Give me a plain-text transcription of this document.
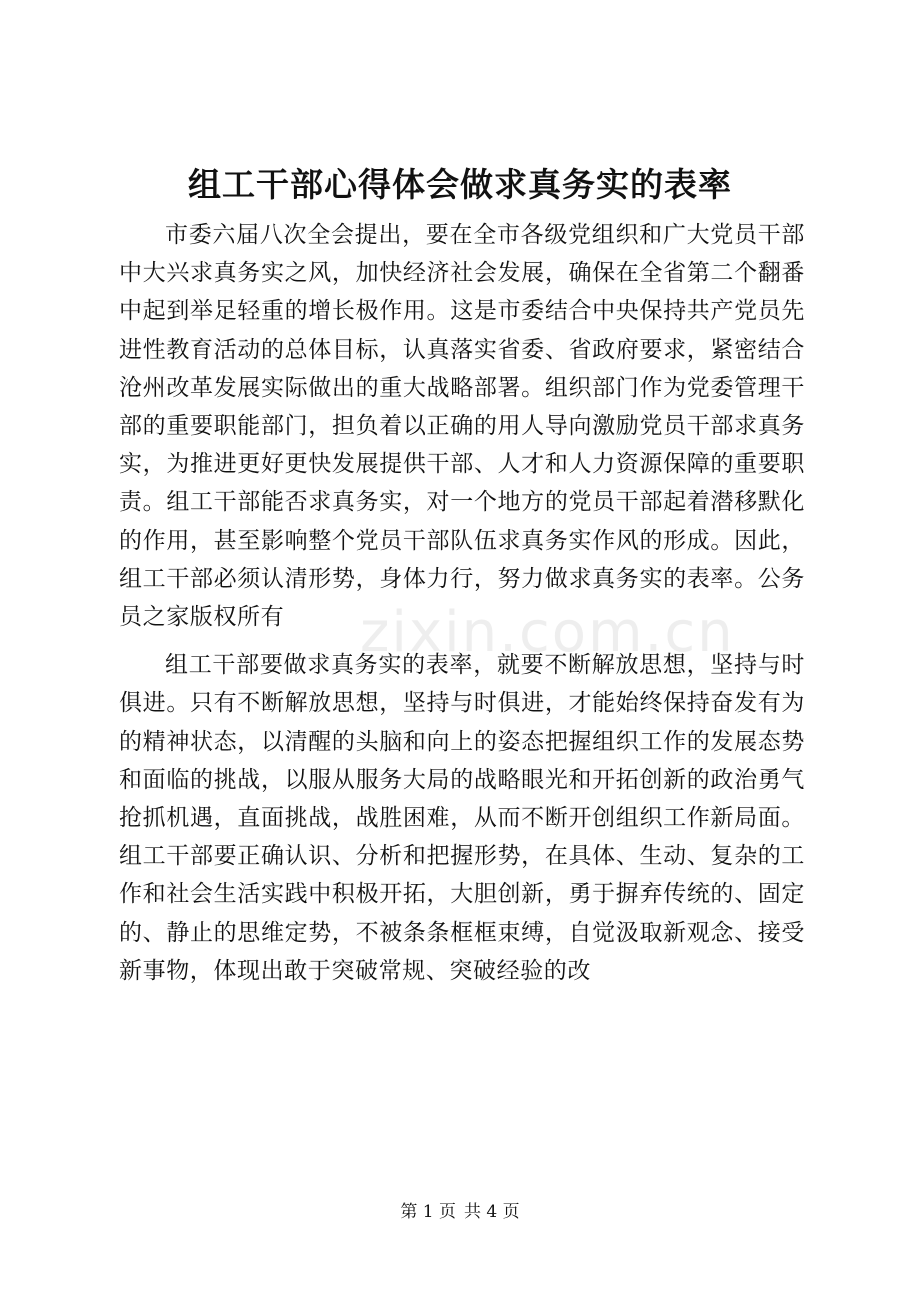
组工干部心得体会做求真务实的表率

市委六届八次全会提出，要在全市各级党组织和广大党员干部中大兴求真务实之风，加快经济社会发展，确保在全省第二个翻番中起到举足轻重的增长极作用。这是市委结合中央保持共产党员先进性教育活动的总体目标，认真落实省委、省政府要求，紧密结合沧州改革发展实际做出的重大战略部署。组织部门作为党委管理干部的重要职能部门，担负着以正确的用人导向激励党员干部求真务实，为推进更好更快发展提供干部、人才和人力资源保障的重要职责。组工干部能否求真务实，对一个地方的党员干部起着潜移默化的作用，甚至影响整个党员干部队伍求真务实作风的形成。因此，组工干部必须认清形势，身体力行，努力做求真务实的表率。公务员之家版权所有

组工干部要做求真务实的表率，就要不断解放思想，坚持与时俱进。只有不断解放思想，坚持与时俱进，才能始终保持奋发有为的精神状态，以清醒的头脑和向上的姿态把握组织工作的发展态势和面临的挑战，以服从服务大局的战略眼光和开拓创新的政治勇气抢抓机遇，直面挑战，战胜困难，从而不断开创组织工作新局面。组工干部要正确认识、分析和把握形势，在具体、生动、复杂的工作和社会生活实践中积极开拓，大胆创新，勇于摒弃传统的、固定的、静止的思维定势，不被条条框框束缚，自觉汲取新观念、接受新事物，体现出敢于突破常规、突破经验的改

zixin.com.cn
第 1 页 共 4 页
